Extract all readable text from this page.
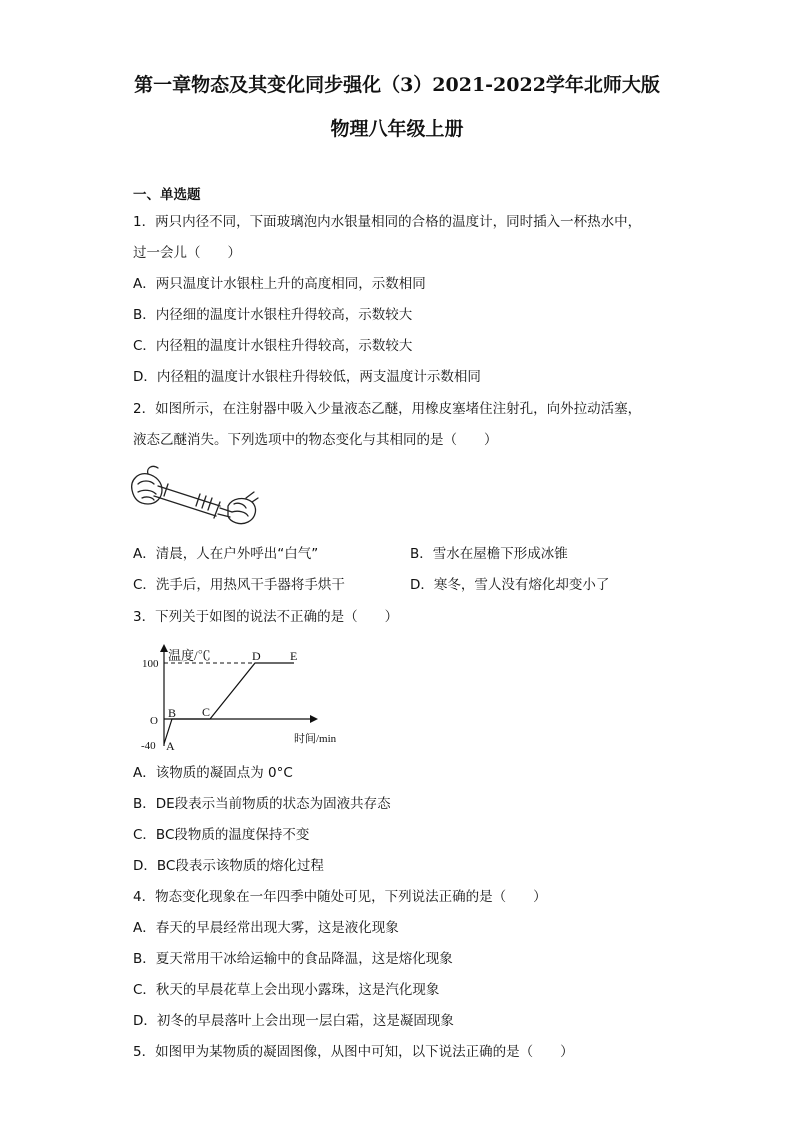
第一章物态及其变化同步强化（3）2021-2022学年北师大版
物理八年级上册
一、单选题
1．两只内径不同，下面玻璃泡内水银量相同的合格的温度计，同时插入一杯热水中，
过一会儿（　　）
A．两只温度计水银柱上升的高度相同，示数相同
B．内径细的温度计水银柱升得较高，示数较大
C．内径粗的温度计水银柱升得较高，示数较大
D．内径粗的温度计水银柱升得较低，两支温度计示数相同
2．如图所示，在注射器中吸入少量液态乙醚，用橡皮塞堵住注射孔，向外拉动活塞，
液态乙醚消失。下列选项中的物态变化与其相同的是（　　）
A．清晨，人在户外呼出“白气”	B．雪水在屋檐下形成冰锥
C．洗手后，用热风干手器将手烘干	D．寒冬，雪人没有熔化却变小了
3．下列关于如图的说法不正确的是（　　）
温度/℃
时间/min
100
O
-40 A
B C
D E
A．该物质的凝固点为 0°C
B．DE段表示当前物质的状态为固液共存态
C．BC段物质的温度保持不变
D．BC段表示该物质的熔化过程
4．物态变化现象在一年四季中随处可见，下列说法正确的是（　　）
A．春天的早晨经常出现大雾，这是液化现象
B．夏天常用干冰给运输中的食品降温，这是熔化现象
C．秋天的早晨花草上会出现小露珠，这是汽化现象
D．初冬的早晨落叶上会出现一层白霜，这是凝固现象
5．如图甲为某物质的凝固图像，从图中可知，以下说法正确的是（　　）
